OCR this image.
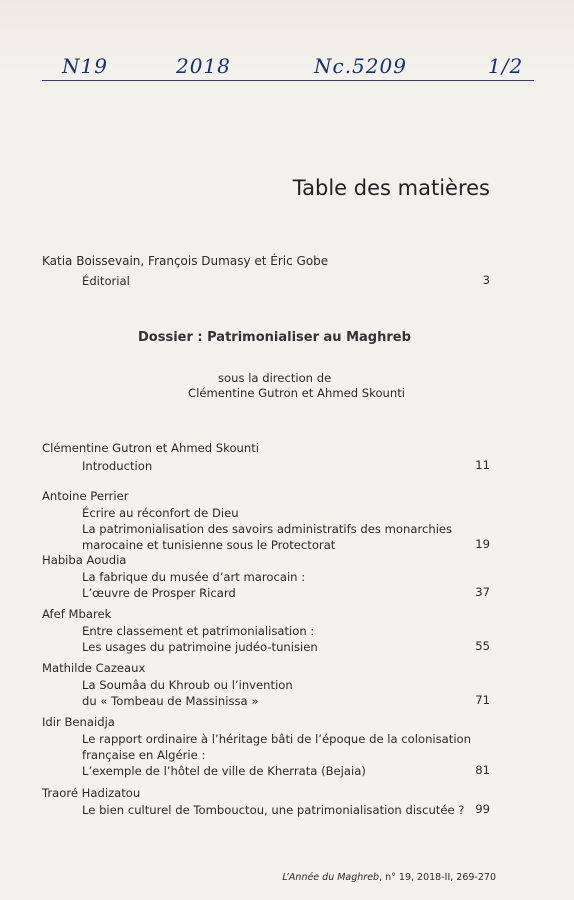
N19	2018	Nc.5209	1/2
Table des matières
Katia Boissevain, François Dumasy et Éric Gobe
Éditorial	3
Dossier : Patrimonialiser au Maghreb
sous la direction de
Clémentine Gutron et Ahmed Skounti
Clémentine Gutron et Ahmed Skounti
Introduction	11
Antoine Perrier
Écrire au réconfort de Dieu
La patrimonialisation des savoirs administratifs des monarchies
marocaine et tunisienne sous le Protectorat	19
Habiba Aoudia
La fabrique du musée d’art marocain :
L’œuvre de Prosper Ricard	37
Afef Mbarek
Entre classement et patrimonialisation :
Les usages du patrimoine judéo-tunisien	55
Mathilde Cazeaux
La Soumâa du Khroub ou l’invention
du « Tombeau de Massinissa »	71
Idir Benaidja
Le rapport ordinaire à l’héritage bâti de l’époque de la colonisation
française en Algérie :
L’exemple de l’hôtel de ville de Kherrata (Bejaia)	81
Traoré Hadizatou
Le bien culturel de Tombouctou, une patrimonialisation discutée ? 99
L’Année du Maghreb, n° 19, 2018-II, 269-270
